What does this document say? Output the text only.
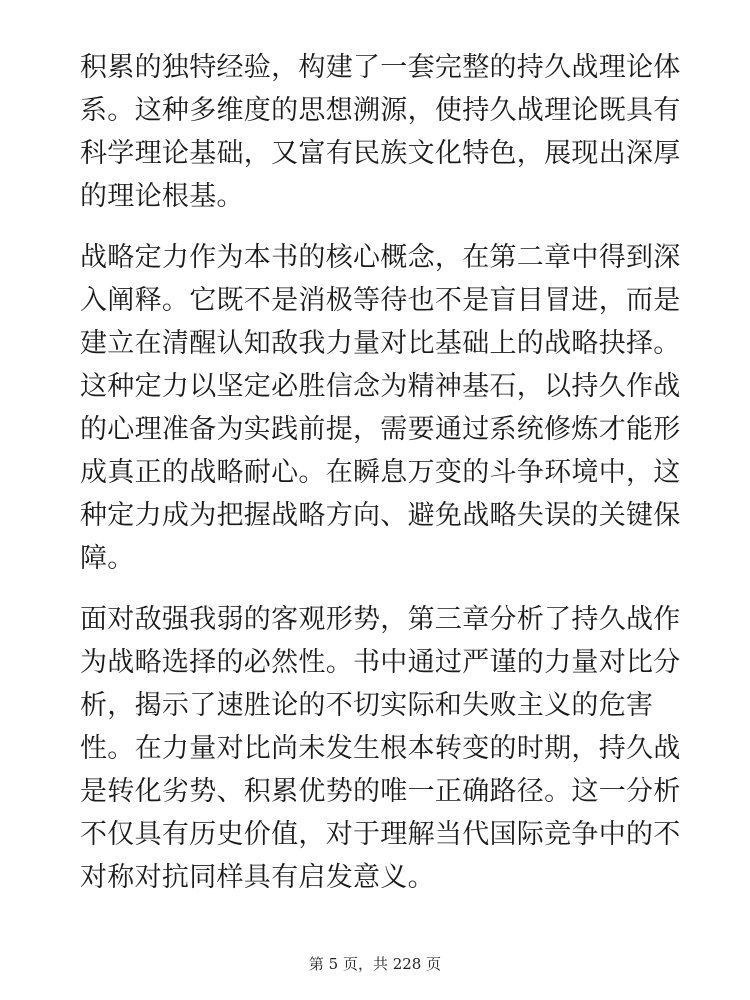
积累的独特经验，构建了一套完整的持久战理论体
系。这种多维度的思想溯源，使持久战理论既具有
科学理论基础，又富有民族文化特色，展现出深厚
的理论根基。

战略定力作为本书的核心概念，在第二章中得到深
入阐释。它既不是消极等待也不是盲目冒进，而是
建立在清醒认知敌我力量对比基础上的战略抉择。
这种定力以坚定必胜信念为精神基石，以持久作战
的心理准备为实践前提，需要通过系统修炼才能形
成真正的战略耐心。在瞬息万变的斗争环境中，这
种定力成为把握战略方向、避免战略失误的关键保
障。

面对敌强我弱的客观形势，第三章分析了持久战作
为战略选择的必然性。书中通过严谨的力量对比分
析，揭示了速胜论的不切实际和失败主义的危害
性。在力量对比尚未发生根本转变的时期，持久战
是转化劣势、积累优势的唯一正确路径。这一分析
不仅具有历史价值，对于理解当代国际竞争中的不
对称对抗同样具有启发意义。

第 5 页，共 228 页
